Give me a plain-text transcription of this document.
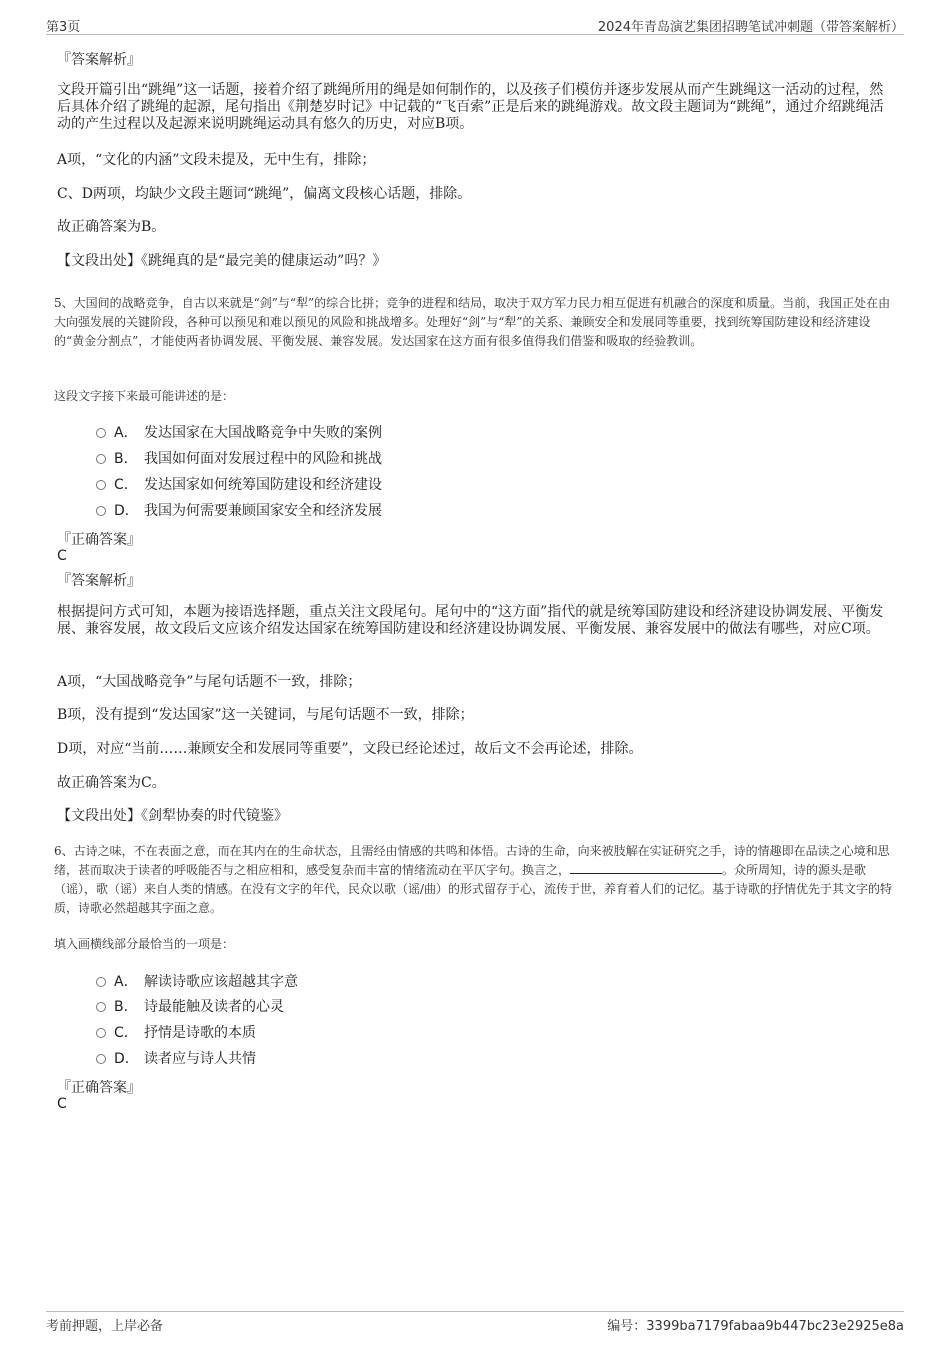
第3页	2024年青岛演艺集团招聘笔试冲刺题（带答案解析）
『答案解析』
文段开篇引出“跳绳”这一话题，接着介绍了跳绳所用的绳是如何制作的，以及孩子们模仿并逐步发展从而产生跳绳这一活动的过程，然后具体介绍了跳绳的起源，尾句指出《荆楚岁时记》中记载的“飞百索”正是后来的跳绳游戏。故文段主题词为“跳绳”，通过介绍跳绳活动的产生过程以及起源来说明跳绳运动具有悠久的历史，对应B项。
A项，“文化的内涵”文段未提及，无中生有，排除；
C、D两项，均缺少文段主题词“跳绳”，偏离文段核心话题，排除。
故正确答案为B。
【文段出处】《跳绳真的是“最完美的健康运动”吗？》
5、大国间的战略竞争，自古以来就是“剑”与“犁”的综合比拼；竞争的进程和结局，取决于双方军力民力相互促进有机融合的深度和质量。当前，我国正处在由大向强发展的关键阶段，各种可以预见和难以预见的风险和挑战增多。处理好“剑”与“犁”的关系、兼顾安全和发展同等重要，找到统筹国防建设和经济建设的“黄金分割点”，才能使两者协调发展、平衡发展、兼容发展。发达国家在这方面有很多值得我们借鉴和吸取的经验教训。
这段文字接下来最可能讲述的是：
A． 发达国家在大国战略竞争中失败的案例
B． 我国如何面对发展过程中的风险和挑战
C． 发达国家如何统筹国防建设和经济建设
D． 我国为何需要兼顾国家安全和经济发展
『正确答案』
C
『答案解析』
根据提问方式可知，本题为接语选择题，重点关注文段尾句。尾句中的“这方面”指代的就是统筹国防建设和经济建设协调发展、平衡发展、兼容发展，故文段后文应该介绍发达国家在统筹国防建设和经济建设协调发展、平衡发展、兼容发展中的做法有哪些，对应C项。
A项，“大国战略竞争”与尾句话题不一致，排除；
B项，没有提到“发达国家”这一关键词，与尾句话题不一致，排除；
D项，对应“当前……兼顾安全和发展同等重要”，文段已经论述过，故后文不会再论述，排除。
故正确答案为C。
【文段出处】《剑犁协奏的时代镜鉴》
6、古诗之味，不在表面之意，而在其内在的生命状态，且需经由情感的共鸣和体悟。古诗的生命，向来被肢解在实证研究之手，诗的情趣即在品读之心境和思绪，甚而取决于读者的呼吸能否与之相应相和，感受复杂而丰富的情绪流动在平仄字句。换言之，	。众所周知，诗的源头是歌（谣），歌（谣）来自人类的情感。在没有文字的年代，民众以歌（谣/曲）的形式留存于心，流传于世，养育着人们的记忆。基于诗歌的抒情优先于其文字的特质，诗歌必然超越其字面之意。
填入画横线部分最恰当的一项是：
A． 解读诗歌应该超越其字意
B． 诗最能触及读者的心灵
C． 抒情是诗歌的本质
D． 读者应与诗人共情
『正确答案』
C
考前押题，上岸必备	编号：3399ba7179fabaa9b447bc23e2925e8a
